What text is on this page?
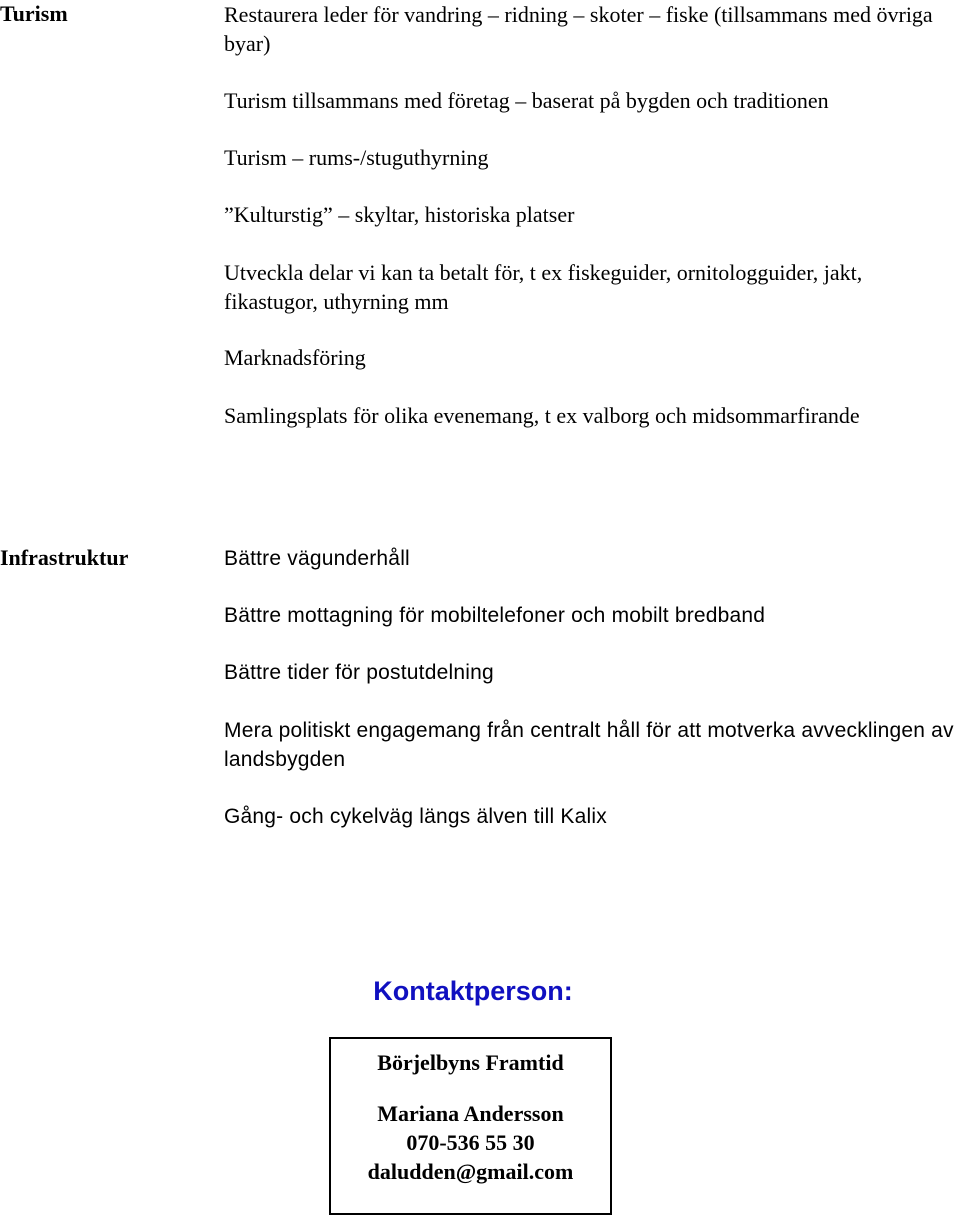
Turism	Restaurera leder för vandring – ridning – skoter – fiske (tillsammans med övriga byar)

Turism tillsammans med företag – baserat på bygden och traditionen

Turism – rums-/stuguthyrning

”Kulturstig” – skyltar, historiska platser

Utveckla delar vi kan ta betalt för, t ex fiskeguider, ornitologguider, jakt, fikastugor, uthyrning mm

Marknadsföring

Samlingsplats för olika evenemang, t ex valborg och midsommarfirande

Infrastruktur	Bättre vägunderhåll

Bättre mottagning för mobiltelefoner och mobilt bredband

Bättre tider för postutdelning

Mera politiskt engagemang från centralt håll för att motverka avvecklingen av landsbygden

Gång- och cykelväg längs älven till Kalix

Kontaktperson:

Börjelbyns Framtid

Mariana Andersson

070-536 55 30

daludden@gmail.com
